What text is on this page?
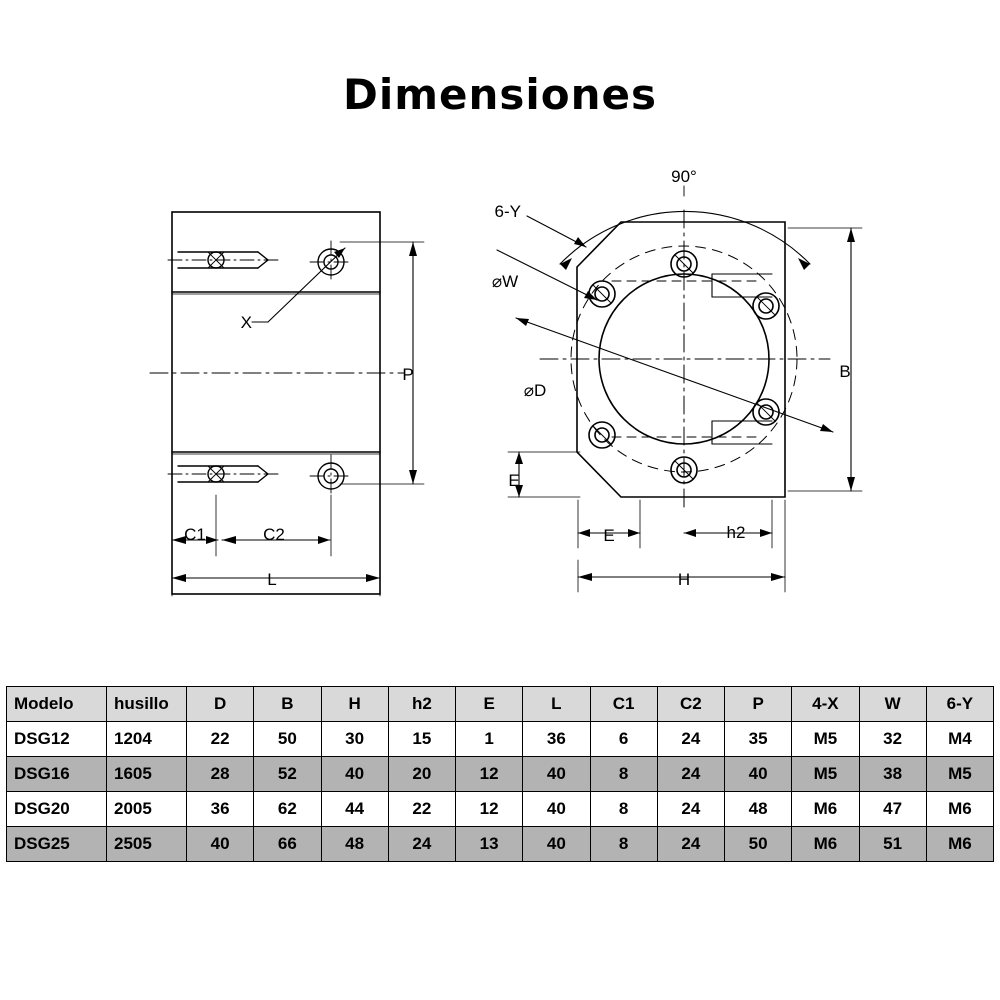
Dimensiones
X
P
C1	C2
L
90°
6-Y
⌀W
⌀D
B
E
E	h2
H
Modelo	husillo	D	B	H	h2	E	L	C1	C2	P	4-X	W	6-Y
DSG12	1204	22	50	30	15	1	36	6	24	35	M5	32	M4
DSG16	1605	28	52	40	20	12	40	8	24	40	M5	38	M5
DSG20	2005	36	62	44	22	12	40	8	24	48	M6	47	M6
DSG25	2505	40	66	48	24	13	40	8	24	50	M6	51	M6
